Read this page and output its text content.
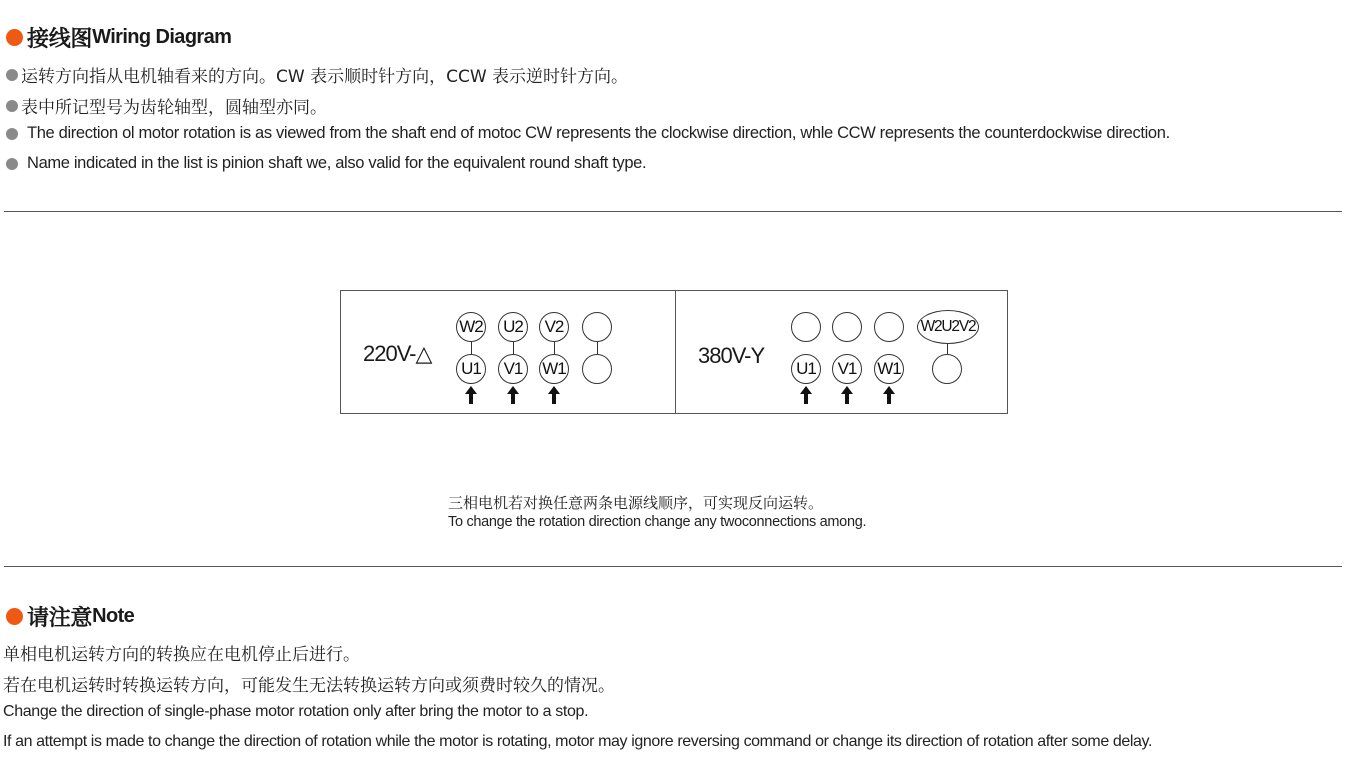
接线图 Wiring Diagram
运转方向指从电机轴看来的方向。CW 表示顺时针方向，CCW 表示逆时针方向。
表中所记型号为齿轮轴型，圆轴型亦同。
The direction ol motor rotation is as viewed from the shaft end of motoc CW represents the clockwise direction, whle CCW represents the counterdockwise direction.
Name indicated in the list is pinion shaft we, also valid for the equivalent round shaft type.
220V-△
W2	U2	V2
U1	V1	W1
380V-Y
W2U2V2
U1	V1	W1
三相电机若对换任意两条电源线顺序，可实现反向运转。
To change the rotation direction change any twoconnections among.
请注意 Note
单相电机运转方向的转换应在电机停止后进行。
若在电机运转时转换运转方向，可能发生无法转换运转方向或须费时较久的情况。
Change the direction of single-phase motor rotation only after bring the motor to a stop.
If an attempt is made to change the direction of rotation while the motor is rotating, motor may ignore reversing command or change its direction of rotation after some delay.
